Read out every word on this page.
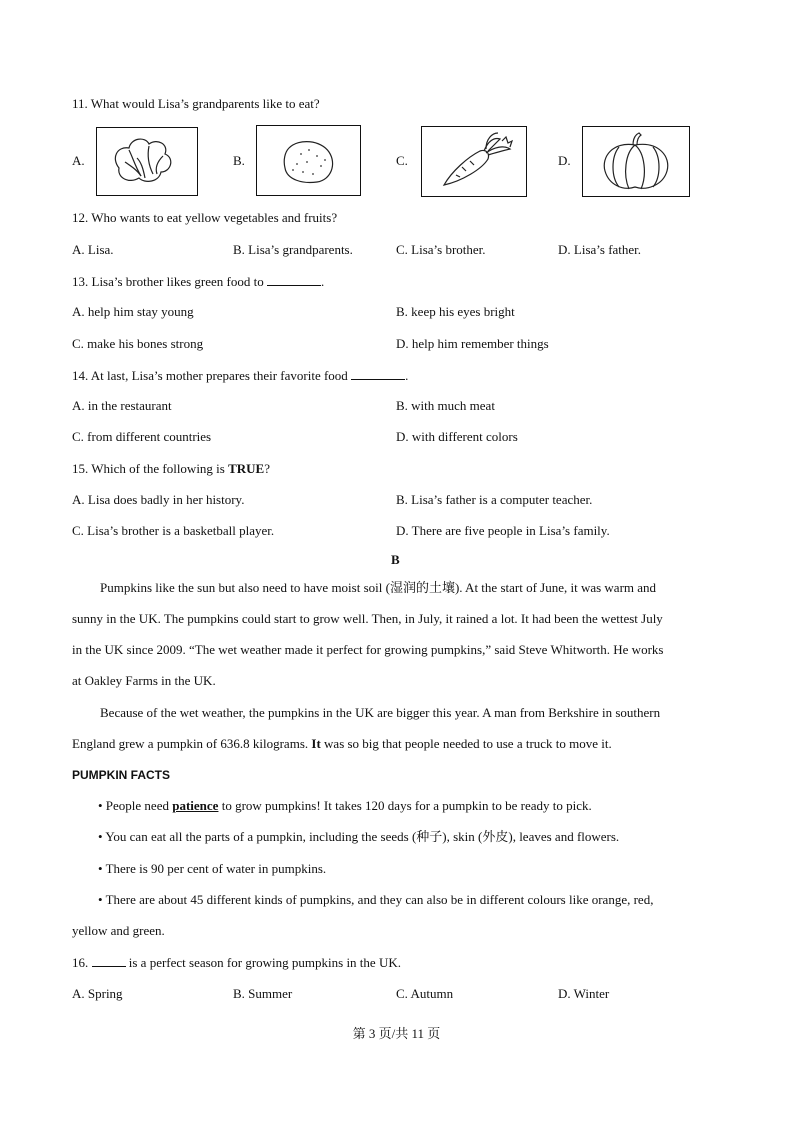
11. What would Lisa’s grandparents like to eat?
A.	B.	C.	D.
12. Who wants to eat yellow vegetables and fruits?
A. Lisa.	B. Lisa’s grandparents.	C. Lisa’s brother.	D. Lisa’s father.
13. Lisa’s brother likes green food to	.
A. help him stay young	B. keep his eyes bright
C. make his bones strong	D. help him remember things
14. At last, Lisa’s mother prepares their favorite food	.
A. in the restaurant	B. with much meat
C. from different countries	D. with different colors
15. Which of the following is TRUE?
A. Lisa does badly in her history.	B. Lisa’s father is a computer teacher.
C. Lisa’s brother is a basketball player.	D. There are five people in Lisa’s family.
B
Pumpkins like the sun but also need to have moist soil (湿润的土壤). At the start of June, it was warm and
sunny in the UK. The pumpkins could start to grow well. Then, in July, it rained a lot. It had been the wettest July
in the UK since 2009. “The wet weather made it perfect for growing pumpkins,” said Steve Whitworth. He works
at Oakley Farms in the UK.
Because of the wet weather, the pumpkins in the UK are bigger this year. A man from Berkshire in southern
England grew a pumpkin of 636.8 kilograms. It was so big that people needed to use a truck to move it.
PUMPKIN FACTS
• People need patience to grow pumpkins! It takes 120 days for a pumpkin to be ready to pick.
• You can eat all the parts of a pumpkin, including the seeds (种子), skin (外皮), leaves and flowers.
• There is 90 per cent of water in pumpkins.
• There are about 45 different kinds of pumpkins, and they can also be in different colours like orange, red,
yellow and green.
16.	is a perfect season for growing pumpkins in the UK.
A. Spring	B. Summer	C. Autumn	D. Winter
第 3 页/共 11 页
